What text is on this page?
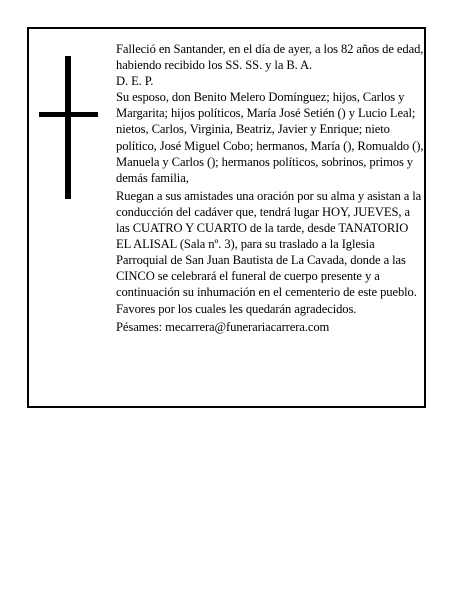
Falleció en Santander, en el día de ayer, a los 82 años de edad, habiendo recibido los SS. SS. y la B. A.

D. E. P.

Su esposo, don Benito Melero Domínguez; hijos, Carlos y Margarita; hijos políticos, María José Setién () y Lucio Leal; nietos, Carlos, Virginia, Beatriz, Javier y Enrique; nieto político, José Miguel Cobo; hermanos, María (), Romualdo (), Manuela y Carlos (); hermanos políticos, sobrinos, primos y demás familia,

Ruegan a sus amistades una oración por su alma y asistan a la conducción del cadáver que, tendrá lugar HOY, JUEVES, a las CUATRO Y CUARTO de la tarde, desde TANATORIO EL ALISAL (Sala nº. 3), para su traslado a la Iglesia Parroquial de San Juan Bautista de La Cavada, donde a las CINCO se celebrará el funeral de cuerpo presente y a continuación su inhumación en el cementerio de este pueblo. Favores por los cuales les quedarán agradecidos.

Pésames: mecarrera@funerariacarrera.com
